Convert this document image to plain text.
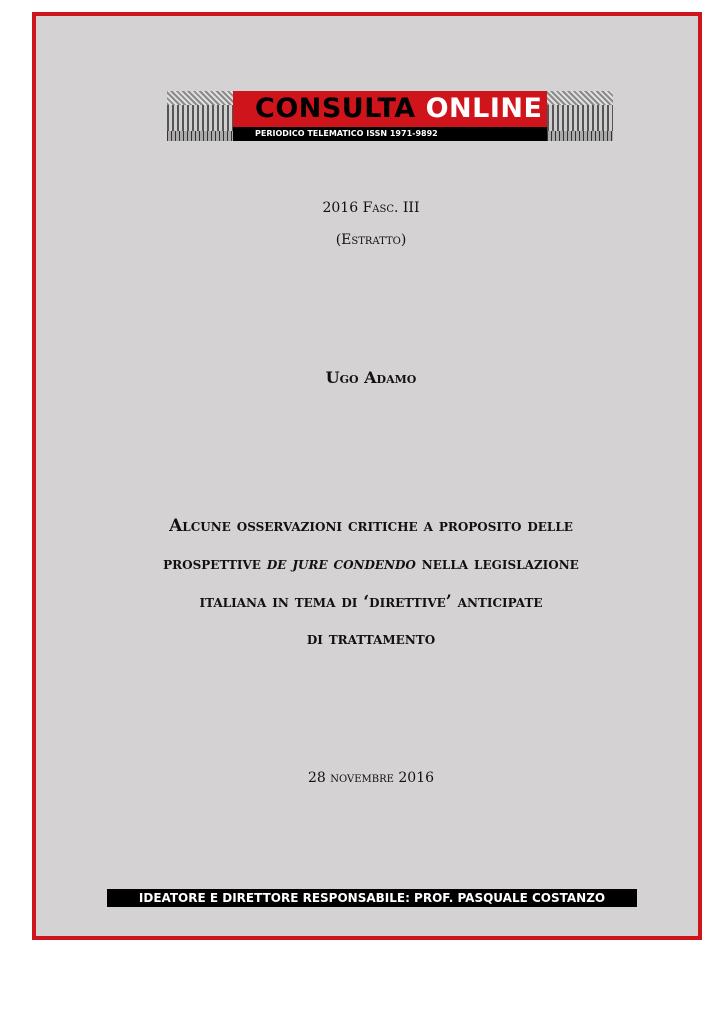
CONSULTA ONLINE
PERIODICO TELEMATICO ISSN 1971-9892
2016 Fasc. III
(Estratto)
Ugo Adamo
Alcune osservazioni critiche a proposito delle
prospettive de jure condendo nella legislazione
italiana in tema di ‘direttive’ anticipate
di trattamento
28 novembre 2016
IDEATORE E DIRETTORE RESPONSABILE: PROF. PASQUALE COSTANZO
